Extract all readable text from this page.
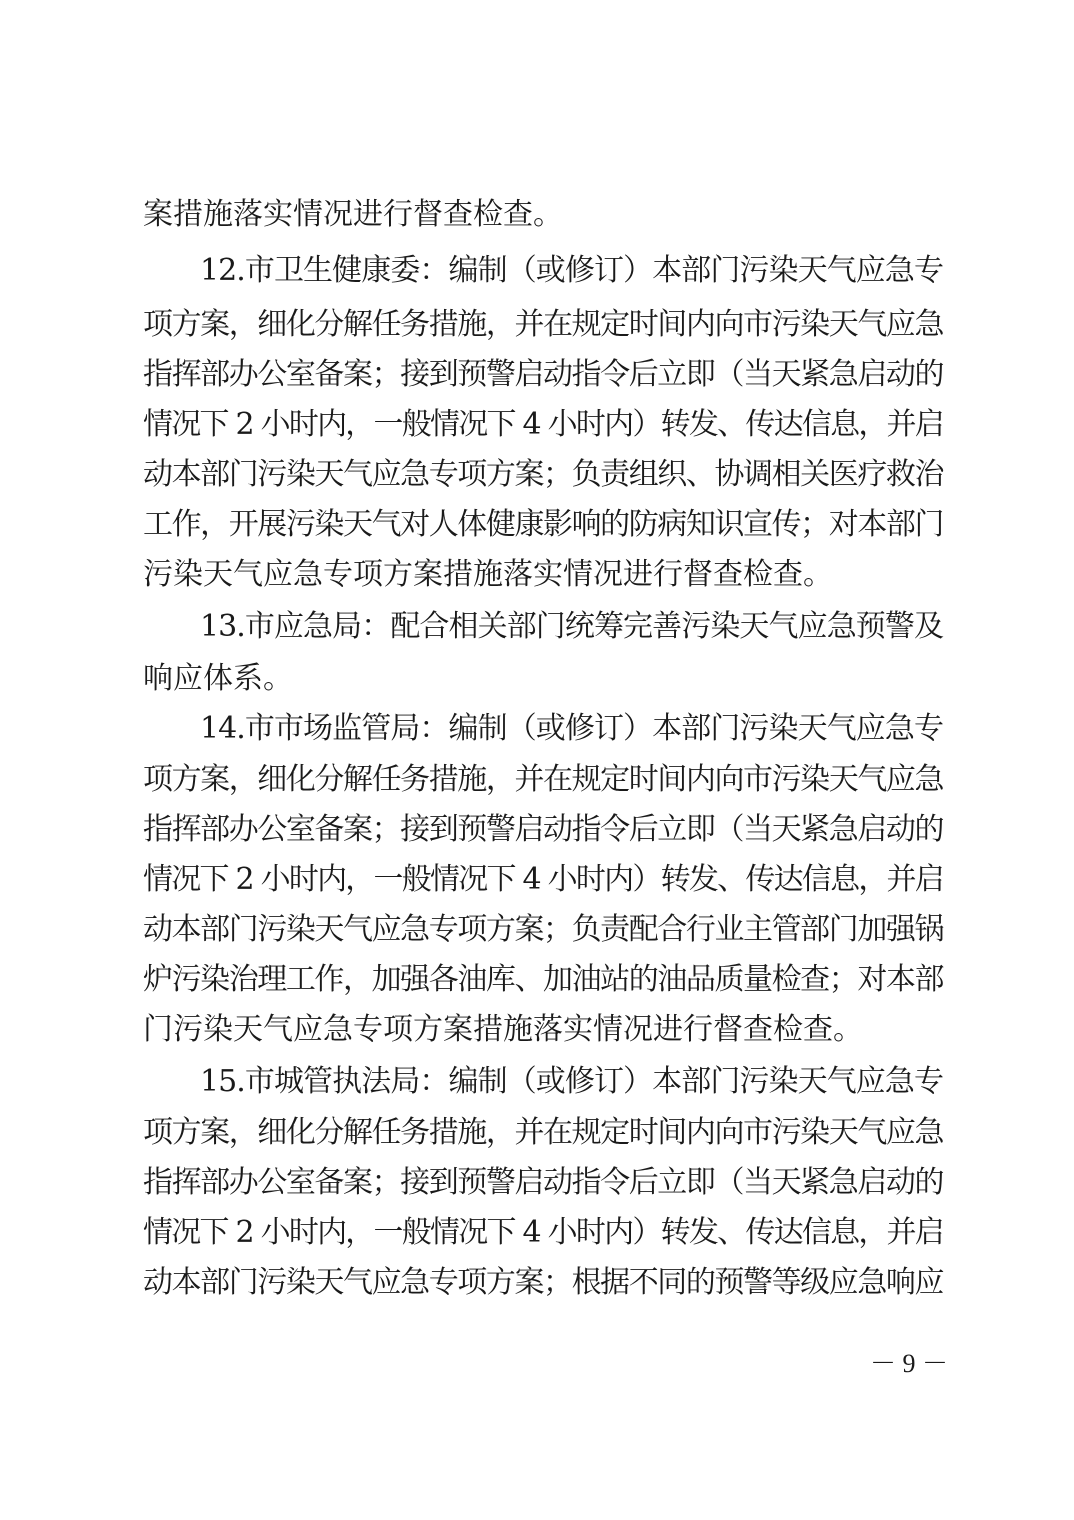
案措施落实情况进行督查检查。
12.市卫生健康委：编制（或修订）本部门污染天气应急专
项方案，细化分解任务措施，并在规定时间内向市污染天气应急
指挥部办公室备案；接到预警启动指令后立即（当天紧急启动的
情况下 2 小时内，一般情况下 4 小时内）转发、传达信息，并启
动本部门污染天气应急专项方案；负责组织、协调相关医疗救治
工作，开展污染天气对人体健康影响的防病知识宣传；对本部门
污染天气应急专项方案措施落实情况进行督查检查。
13.市应急局：配合相关部门统筹完善污染天气应急预警及
响应体系。
14.市市场监管局：编制（或修订）本部门污染天气应急专
项方案，细化分解任务措施，并在规定时间内向市污染天气应急
指挥部办公室备案；接到预警启动指令后立即（当天紧急启动的
情况下 2 小时内，一般情况下 4 小时内）转发、传达信息，并启
动本部门污染天气应急专项方案；负责配合行业主管部门加强锅
炉污染治理工作，加强各油库、加油站的油品质量检查；对本部
门污染天气应急专项方案措施落实情况进行督查检查。
15.市城管执法局：编制（或修订）本部门污染天气应急专
项方案，细化分解任务措施，并在规定时间内向市污染天气应急
指挥部办公室备案；接到预警启动指令后立即（当天紧急启动的
情况下 2 小时内，一般情况下 4 小时内）转发、传达信息，并启
动本部门污染天气应急专项方案；根据不同的预警等级应急响应
－ 9 －
